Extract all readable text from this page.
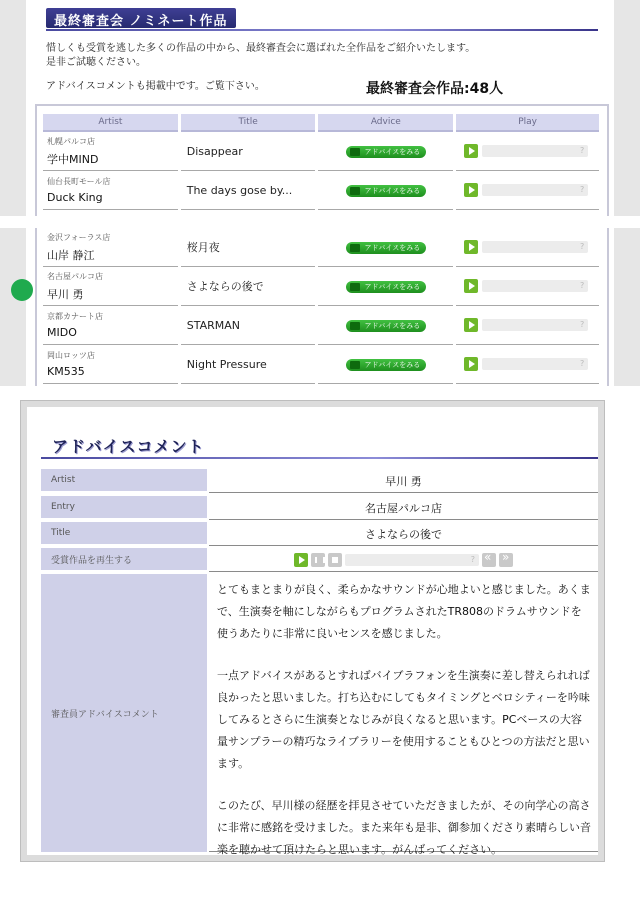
最終審査会 ノミネート作品
惜しくも受賞を逃した多くの作品の中から、最終審査会に選ばれた全作品をご紹介いたします。
是非ご試聴ください。
アドバイスコメントも掲載中です。ご覧下さい。	最終審査会作品:48人
Artist	Title	Advice	Play

札幌パルコ店
学中MIND	Disappear	アドバイスをみる	?

仙台長町モール店
Duck King	The days gose by...	アドバイスをみる	?
金沢フォーラス店
山岸 静江	桜月夜	アドバイスをみる	?

名古屋パルコ店
早川 勇	さよならの後で	アドバイスをみる	?

京都カナート店
MIDO	STARMAN	アドバイスをみる	?

岡山ロッツ店
KM535	Night Pressure	アドバイスをみる	?
アドバイスコメント
Artist	早川 勇
Entry	名古屋パルコ店
Title	さよならの後で
受賞作品を再生する	?
«
»
審査員アドバイスコメント

とてもまとまりが良く、柔らかなサウンドが心地よいと感じました。あくまで、生演奏を軸にしながらもプログラムされたTR808のドラムサウンドを使うあたりに非常に良いセンスを感じました。

一点アドバイスがあるとすればバイブラフォンを生演奏に差し替えられれば良かったと思いました。打ち込むにしてもタイミングとベロシティーを吟味してみるとさらに生演奏となじみが良くなると思います。PCベースの大容量サンプラーの精巧なライブラリーを使用することもひとつの方法だと思います。

このたび、早川様の経歴を拝見させていただきましたが、その向学心の高さに非常に感銘を受けました。また来年も是非、御参加くださり素晴らしい音楽を聴かせて頂けたらと思います。がんばってください。
